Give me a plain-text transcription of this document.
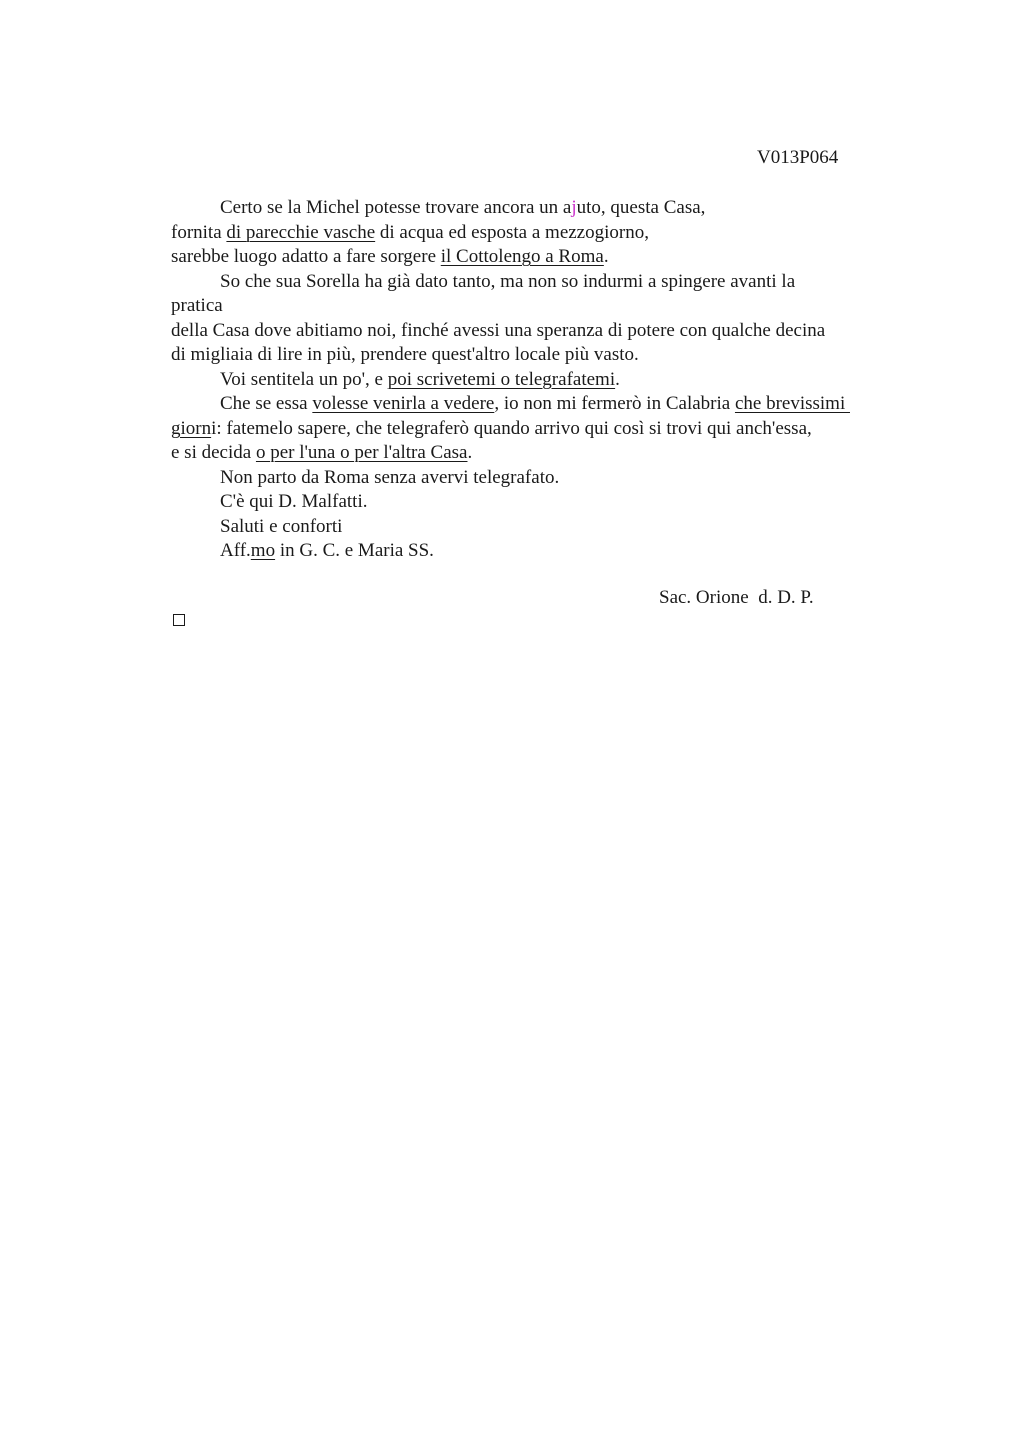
V013P064
Certo se la Michel potesse trovare ancora un ajuto, questa Casa,
fornita di parecchie vasche di acqua ed esposta a mezzogiorno,
sarebbe luogo adatto a fare sorgere il Cottolengo a Roma.
So che sua Sorella ha già dato tanto, ma non so indurmi a spingere avanti la
pratica
della Casa dove abitiamo noi, finché avessi una speranza di potere con qualche decina
di migliaia di lire in più, prendere quest'altro locale più vasto.
Voi sentitela un po', e poi scrivetemi o telegrafatemi.
Che se essa volesse venirla a vedere, io non mi fermerò in Calabria che brevissimi
giorni: fatemelo sapere, che telegraferò quando arrivo qui così si trovi qui anch'essa,
e si decida o per l'una o per l'altra Casa.
Non parto da Roma senza avervi telegrafato.
C'è qui D. Malfatti.
Saluti e conforti
Aff.mo in G. C. e Maria SS.
Sac. Orione  d. D. P.
